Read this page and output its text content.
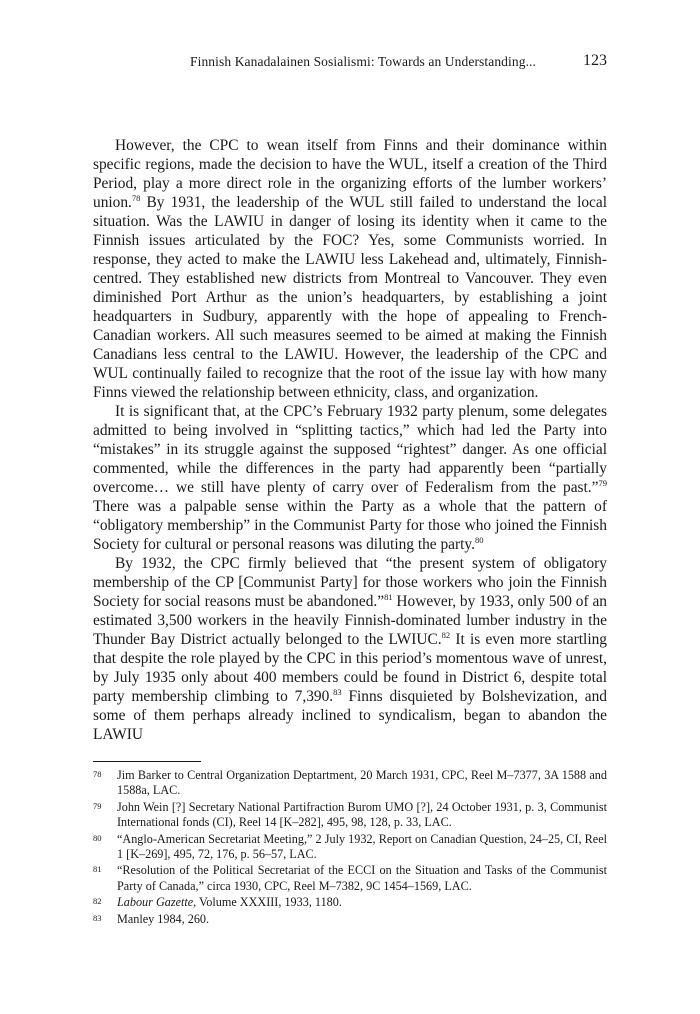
Finnish Kanadalainen Sosialismi: Towards an Understanding...	123

However, the CPC to wean itself from Finns and their dominance within specific regions, made the decision to have the WUL, itself a creation of the Third Period, play a more direct role in the organizing efforts of the lumber workers’ union.$^{78}$ By 1931, the leadership of the WUL still failed to understand the local situation. Was the LAWIU in danger of losing its identity when it came to the Finnish issues articulated by the FOC? Yes, some Communists worried. In response, they acted to make the LAWIU less Lakehead and, ultimately, Finnish-centred. They established new districts from Montreal to Vancouver. They even diminished Port Arthur as the union’s headquarters, by establishing a joint headquarters in Sudbury, apparently with the hope of appealing to French-Canadian workers. All such measures seemed to be aimed at making the Finnish Canadians less central to the LAWIU. However, the leadership of the CPC and WUL continually failed to recognize that the root of the issue lay with how many Finns viewed the relationship between ethnicity, class, and organization.

It is significant that, at the CPC’s February 1932 party plenum, some delegates admitted to being involved in “splitting tactics,” which had led the Party into “mistakes” in its struggle against the supposed “rightest” danger. As one official commented, while the differences in the party had apparently been “partially overcome… we still have plenty of carry over of Federalism from the past.”$^{79}$ There was a palpable sense within the Party as a whole that the pattern of “obligatory membership” in the Communist Party for those who joined the Finnish Society for cultural or personal reasons was diluting the party.$^{80}$

By 1932, the CPC firmly believed that “the present system of obligatory membership of the CP [Communist Party] for those workers who join the Finnish Society for social reasons must be abandoned.”$^{81}$ However, by 1933, only 500 of an estimated 3,500 workers in the heavily Finnish-dominated lumber industry in the Thunder Bay District actually belonged to the LWIUC.$^{82}$ It is even more startling that despite the role played by the CPC in this period’s momentous wave of unrest, by July 1935 only about 400 members could be found in District 6, despite total party membership climbing to 7,390.83 Finns disquieted by Bolshevization, and some of them perhaps already inclined to syndicalism, began to abandon the LAWIU

78 Jim Barker to Central Organization Deptartment, 20 March 1931, CPC, Reel M–7377, 3A 1588 and 1588a, LAC.
79 John Wein [?] Secretary National Partifraction Burom UMO [?], 24 October 1931, p. 3, Communist International fonds (CI), Reel 14 [K–282], 495, 98, 128, p. 33, LAC.
80 “Anglo-American Secretariat Meeting,” 2 July 1932, Report on Canadian Question, 24–25, CI, Reel 1 [K–269], 495, 72, 176, p. 56–57, LAC.
81 “Resolution of the Political Secretariat of the ECCI on the Situation and Tasks of the Communist Party of Canada,” circa 1930, CPC, Reel M–7382, 9C 1454–1569, LAC.
82 Labour Gazette, Volume XXXIII, 1933, 1180.
83 Manley 1984, 260.
